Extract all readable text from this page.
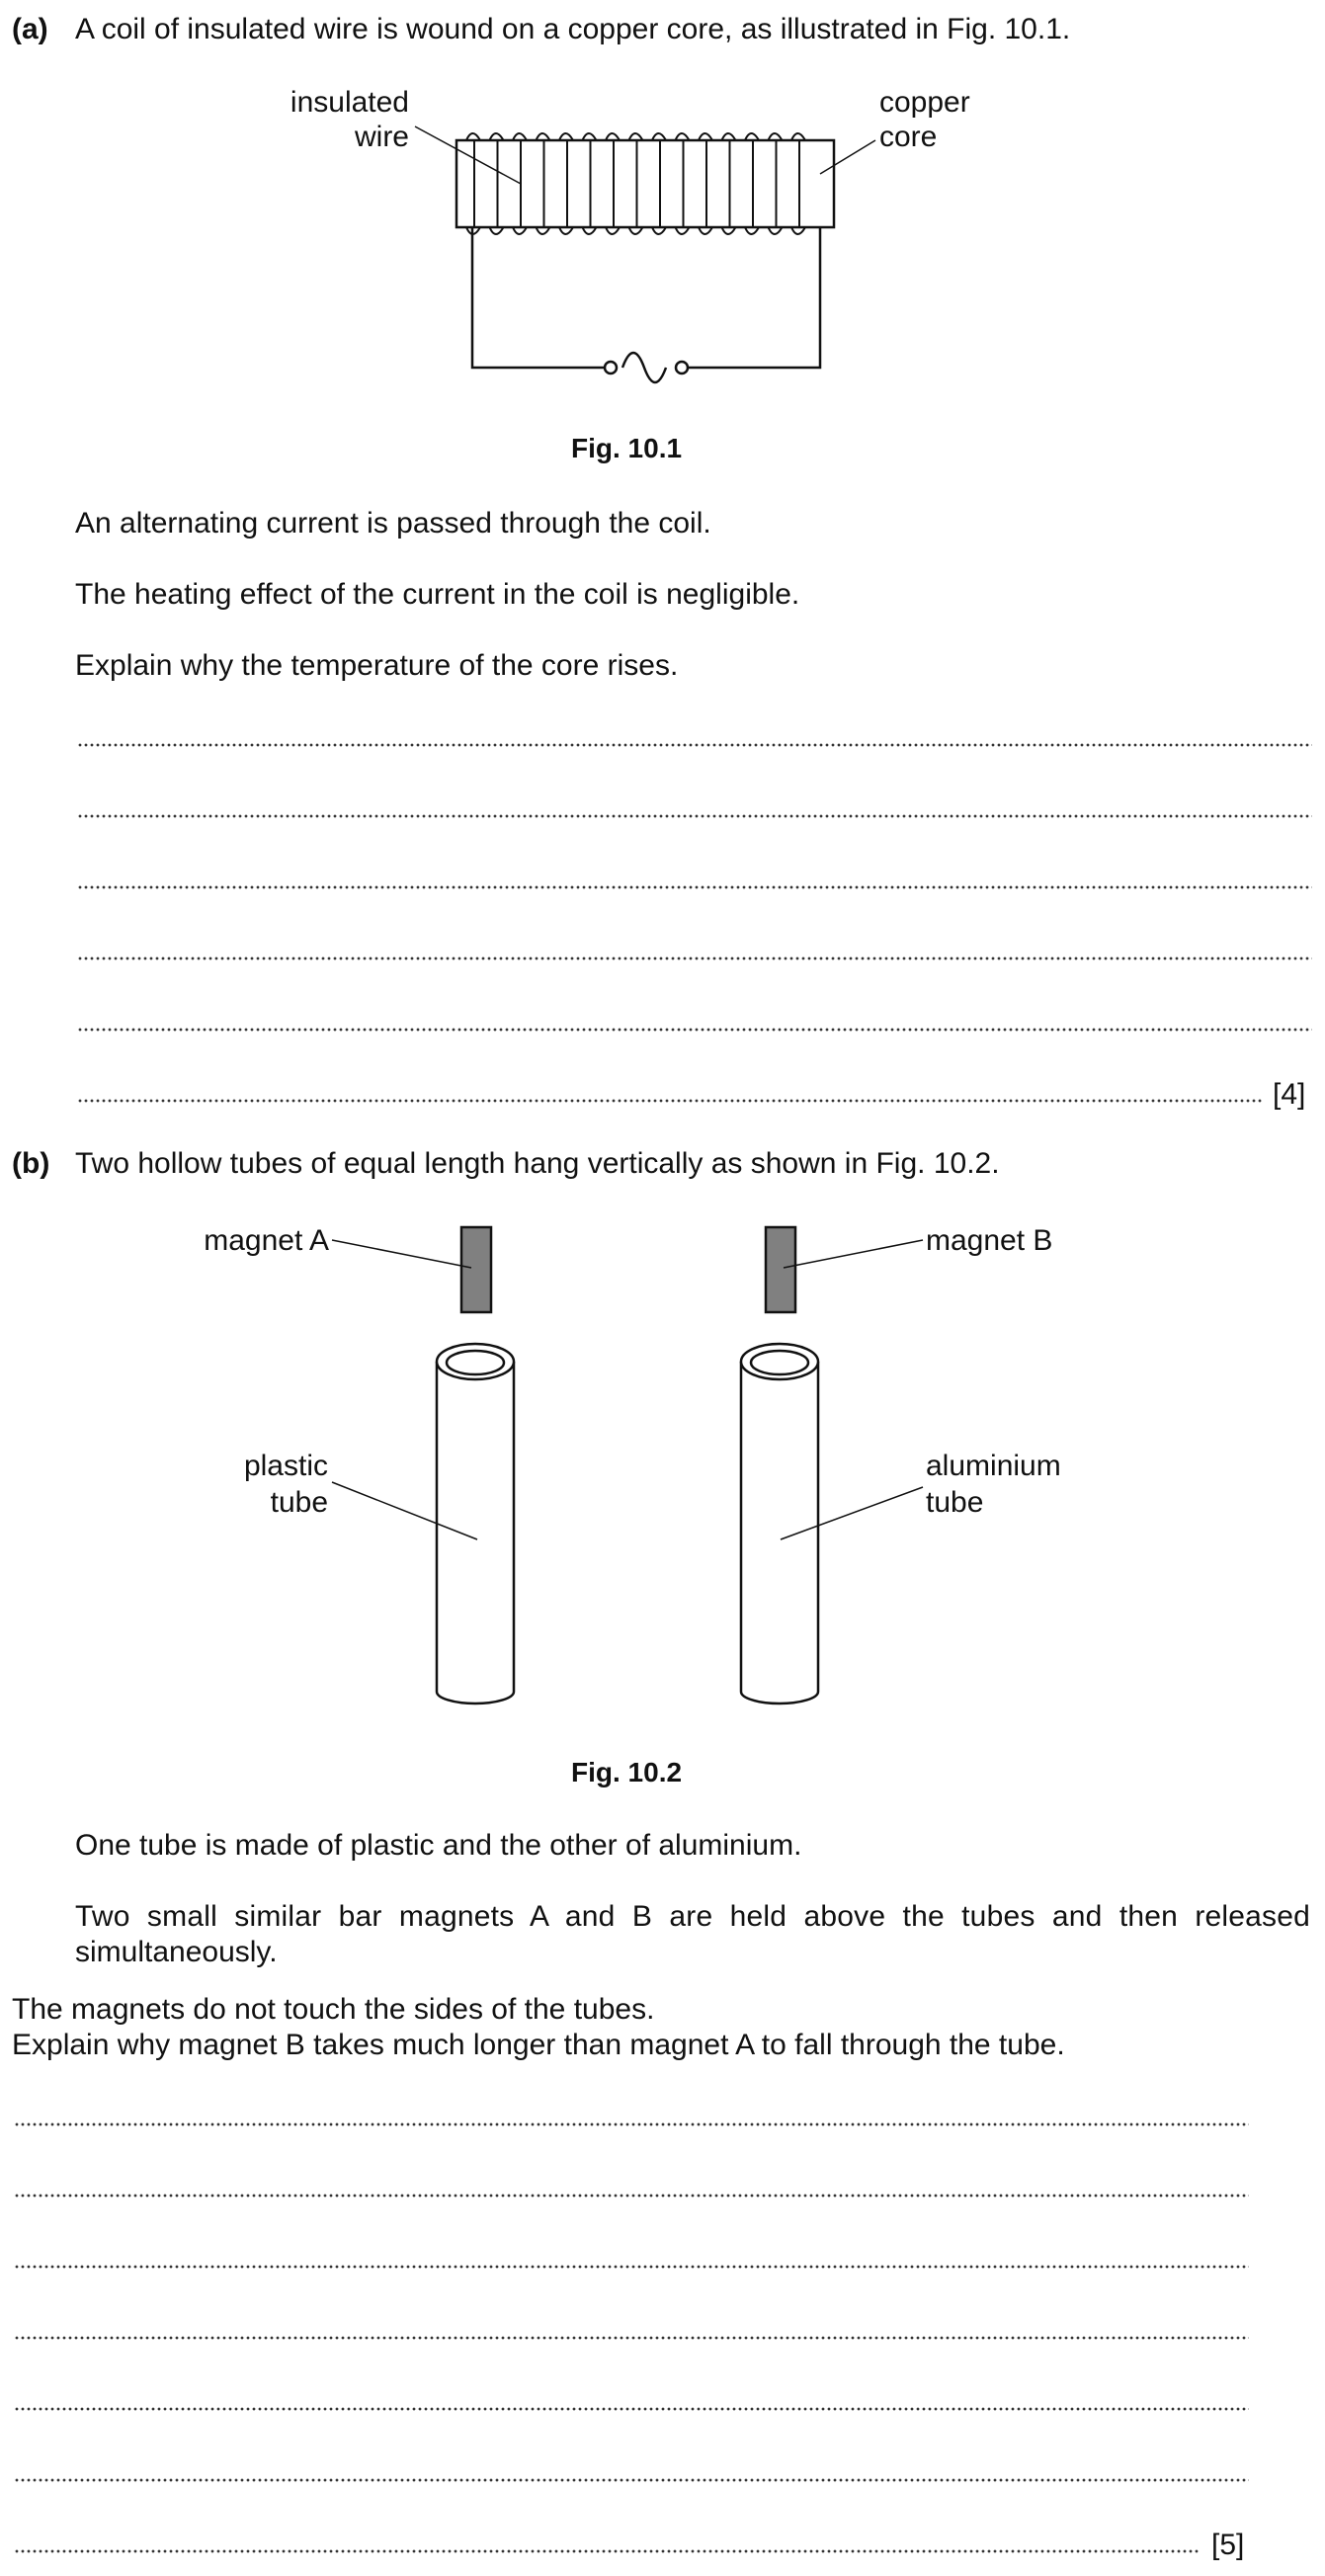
(a) A coil of insulated wire is wound on a copper core, as illustrated in Fig. 10.1.
insulated
wire
copper
core
magnet A	magnet B
plastic
tube
aluminium
tube
Fig. 10.1
An alternating current is passed through the coil.
The heating effect of the current in the coil is negligible.
Explain why the temperature of the core rises.
[4]
(b) Two hollow tubes of equal length hang vertically as shown in Fig. 10.2.
Fig. 10.2
One tube is made of plastic and the other of aluminium.
Two small similar bar magnets A and B are held above the tubes and then released
simultaneously.
The magnets do not touch the sides of the tubes.
Explain why magnet B takes much longer than magnet A to fall through the tube.
[5]
